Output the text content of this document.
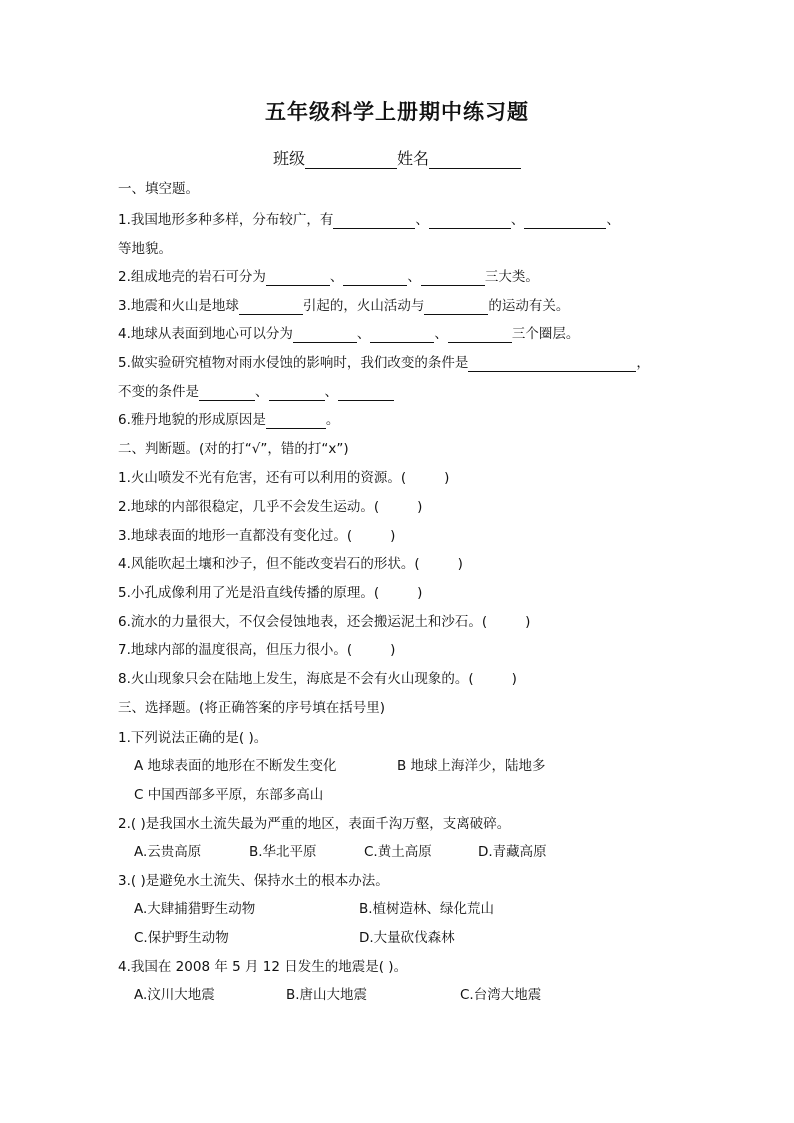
五年级科学上册期中练习题
班级	姓名
一、填空题。
1.我国地形多种多样，分布较广，有	、	、	、
等地貌。
2.组成地壳的岩石可分为	、	、	三大类。
3.地震和火山是地球	引起的，火山活动与	的运动有关。
4.地球从表面到地心可以分为	、	、	三个圈层。
5.做实验研究植物对雨水侵蚀的影响时，我们改变的条件是	，
不变的条件是	、	、
6.雅丹地貌的形成原因是	。
二、判断题。(对的打“√”，错的打“x”)
1.火山喷发不光有危害，还有可以利用的资源。(	)
2.地球的内部很稳定，几乎不会发生运动。(	)
3.地球表面的地形一直都没有变化过。(	)
4.风能吹起土壤和沙子，但不能改变岩石的形状。(	)
5.小孔成像利用了光是沿直线传播的原理。(	)
6.流水的力量很大，不仅会侵蚀地表，还会搬运泥土和沙石。(	)
7.地球内部的温度很高，但压力很小。(	)
8.火山现象只会在陆地上发生，海底是不会有火山现象的。(	)
三、选择题。(将正确答案的序号填在括号里)
1.下列说法正确的是( )。
A 地球表面的地形在不断发生变化	B 地球上海洋少，陆地多
C 中国西部多平原，东部多高山
2.( )是我国水土流失最为严重的地区，表面千沟万壑，支离破碎。
A.云贵高原	B.华北平原	C.黄土高原	D.青藏高原
3.( )是避免水土流失、保持水土的根本办法。
A.大肆捕猎野生动物	B.植树造林、绿化荒山
C.保护野生动物	D.大量砍伐森林
4.我国在 2008 年 5 月 12 日发生的地震是( )。
A.汶川大地震	B.唐山大地震	C.台湾大地震
